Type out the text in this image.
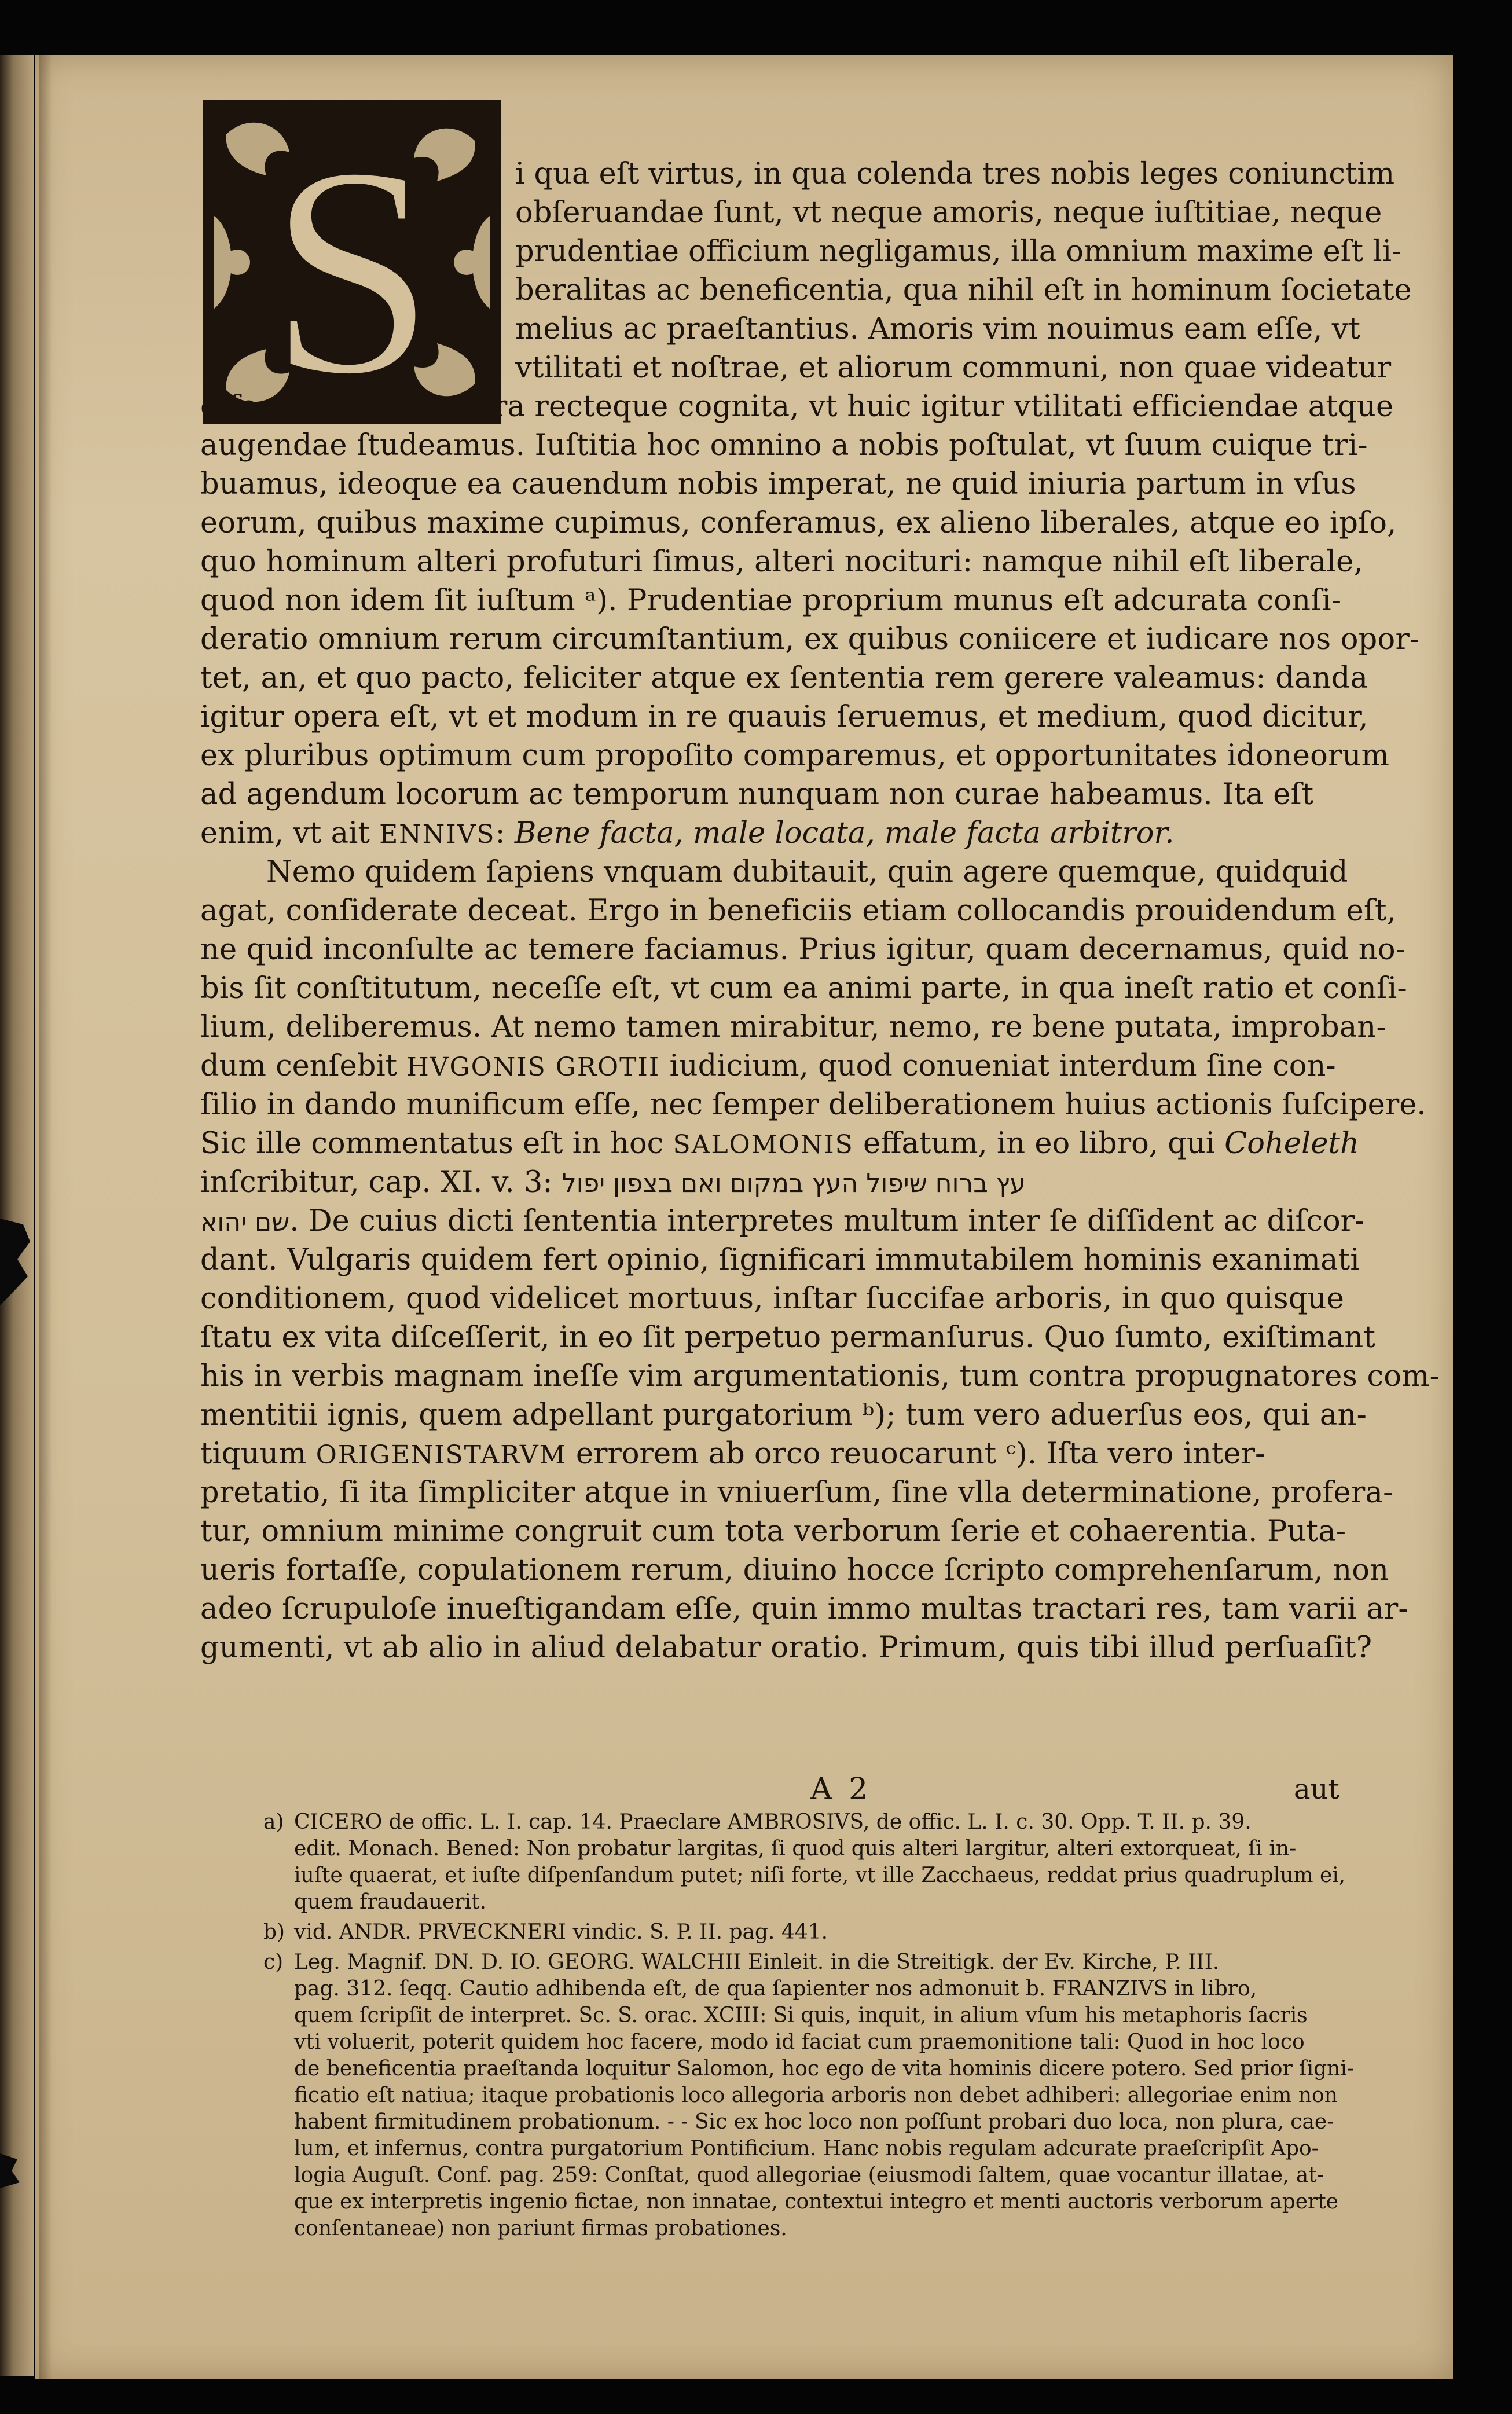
S	i qua eſt virtus, in qua colenda tres nobis leges coniunctim
obſeruandae ſunt, vt neque amoris, neque iuſtitiae, neque
prudentiae officium negligamus, illa omnium maxime eſt li-
beralitas ac beneficentia, qua nihil eſt in hominum ſocietate
melius ac praeſtantius. Amoris vim nouimus eam eſſe, vt
vtilitati et noſtrae, et aliorum communi, non quae videatur
eſſe, ſed quae ſit vera recteque cognita, vt huic igitur vtilitati efficiendae atque
augendae ſtudeamus. Iuſtitia hoc omnino a nobis poſtulat, vt ſuum cuique tri-
buamus, ideoque ea cauendum nobis imperat, ne quid iniuria partum in vſus
eorum, quibus maxime cupimus, conferamus, ex alieno liberales, atque eo ipſo,
quo hominum alteri profuturi ſimus, alteri nociturі: namque nihil eſt liberale,
quod non idem ſit iuſtum ᵃ). Prudentiae proprium munus eſt adcurata conſi-
deratio omnium rerum circumſtantium, ex quibus coniicere et iudicare nos opor-
tet, an, et quo pacto, feliciter atque ex ſententia rem gerere valeamus: danda
igitur opera eſt, vt et modum in re quauis ſeruemus, et medium, quod dicitur,
ex pluribus optimum cum propoſito comparemus, et opportunitates idoneorum
ad agendum locorum ac temporum nunquam non curae habeamus. Ita eſt
enim, vt ait ENNIVS: Bene facta, male locata, male facta arbitror.
Nemo quidem ſapiens vnquam dubitauit, quin agere quemque, quidquid
agat, conſiderate deceat. Ergo in beneficiis etiam collocandis prouidendum eſt,
ne quid inconſulte ac temere faciamus. Prius igitur, quam decernamus, quid no-
bis ſit conſtitutum, neceſſe eſt, vt cum ea animi parte, in qua ineſt ratio et conſi-
lium, deliberemus. At nemo tamen mirabitur, nemo, re bene putata, improban-
dum cenſebit HVGONIS GROTII iudicium, quod conueniat interdum ſine con-
ſilio in dando munificum eſſe, nec ſemper deliberationem huius actionis ſuſcipere.
Sic ille commentatus eſt in hoc SALOMONIS effatum, in eo libro, qui Coheleth
inſcribitur, cap. XI. v. 3: עץ ברוח שיפול העץ במקום ואם בצפון יפול
שם יהוא. De cuius dicti ſententia interpretes multum inter ſe diſſident ac diſcor-
dant. Vulgaris quidem fert opinio, ſignificari immutabilem hominis exanimati
conditionem, quod videlicet mortuus, inſtar ſuccifae arboris, in quo quisque
ſtatu ex vita diſceſſerit, in eo ſit perpetuo permanſurus. Quo ſumto, exiſtimant
his in verbis magnam ineſſe vim argumentationis, tum contra propugnatores com-
mentitii ignis, quem adpellant purgatorium ᵇ); tum vero aduerſus eos, qui an-
tiquum ORIGENISTARVM errorem ab orco reuocarunt ᶜ). Iſta vero inter-
pretatio, ſi ita ſimpliciter atque in vniuerſum, ſine vlla determinatione, profera-
tur, omnium minime congruit cum tota verborum ſerie et cohaerentia. Puta-
ueris fortaſſe, copulationem rerum, diuino hocce ſcripto comprehenſarum, non
adeo ſcrupuloſe inueſtigandam eſſe, quin immo multas tractari res, tam varii ar-
gumenti, vt ab alio in aliud delabatur oratio. Primum, quis tibi illud perſuaſit?
A 2	aut
a) CICERO de offic. L. I. cap. 14. Praeclare AMBROSIVS, de offic. L. I. c. 30. Opp. T. II. p. 39.
edit. Monach. Bened: Non probatur largitas, ſi quod quis alteri largitur, alteri extorqueat, ſi in-
iuſte quaerat, et iuſte diſpenſandum putet; niſi forte, vt ille Zacchaeus, reddat prius quadruplum ei,
quem fraudauerit.
b) vid. ANDR. PRVECKNERI vindic. S. P. II. pag. 441.
c) Leg. Magnif. DN. D. IO. GEORG. WALCHII Einleit. in die Streitigk. der Ev. Kirche, P. III.
pag. 312. ſeqq. Cautio adhibenda eſt, de qua ſapienter nos admonuit b. FRANZIVS in libro,
quem ſcripſit de interpret. Sc. S. orac. XCIII: Si quis, inquit, in alium vſum his metaphoris ſacris
vti voluerit, poterit quidem hoc facere, modo id faciat cum praemonitione tali: Quod in hoc loco
de beneficentia praeſtanda loquitur Salomon, hoc ego de vita hominis dicere potero. Sed prior ſigni-
ficatio eſt natiua; itaque probationis loco allegoria arboris non debet adhiberi: allegoriae enim non
habent firmitudinem probationum. - - Sic ex hoc loco non poſſunt probari duo loca, non plura, cae-
lum, et infernus, contra purgatorium Pontificium. Hanc nobis regulam adcurate praeſcripſit Apo-
logia Auguſt. Conf. pag. 259: Conſtat, quod allegoriae (eiusmodi ſaltem, quae vocantur illatae, at-
que ex interpretis ingenio fictae, non innatae, contextui integro et menti auctoris verborum aperte
conſentaneae) non pariunt firmas probationes.
